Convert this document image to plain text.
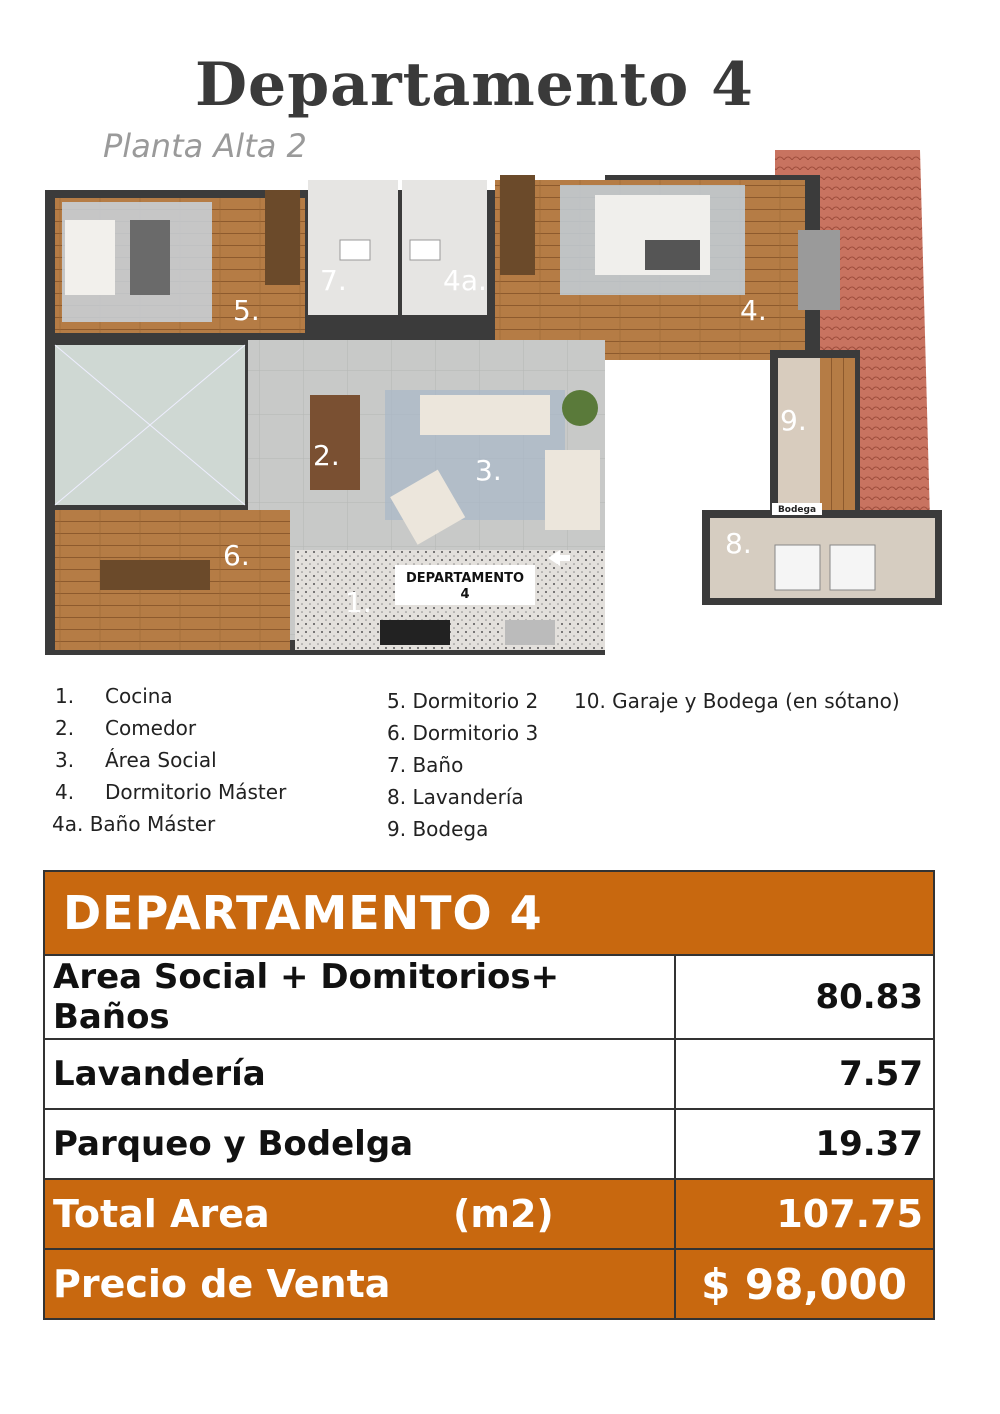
Departamento 4
Planta Alta 2
1.
2.	3.
4.
4a.
5.
6.
7.
8.
9.
DEPARTAMENTO
4
Bodega
1. Cocina
2. Comedor
3. Área Social
4. Dormitorio Máster
4a. Baño Máster
5. Dormitorio 2
6. Dormitorio 3
7. Baño
8. Lavandería
9. Bodega
10. Garaje y Bodega (en sótano)
DEPARTAMENTO 4	
Area Social + Domitorios+ Baños	80.83
Lavandería	7.57
Parqueo y Bodelga	19.37
Total Area (m2)	107.75
Precio de Venta	$ 98,000
